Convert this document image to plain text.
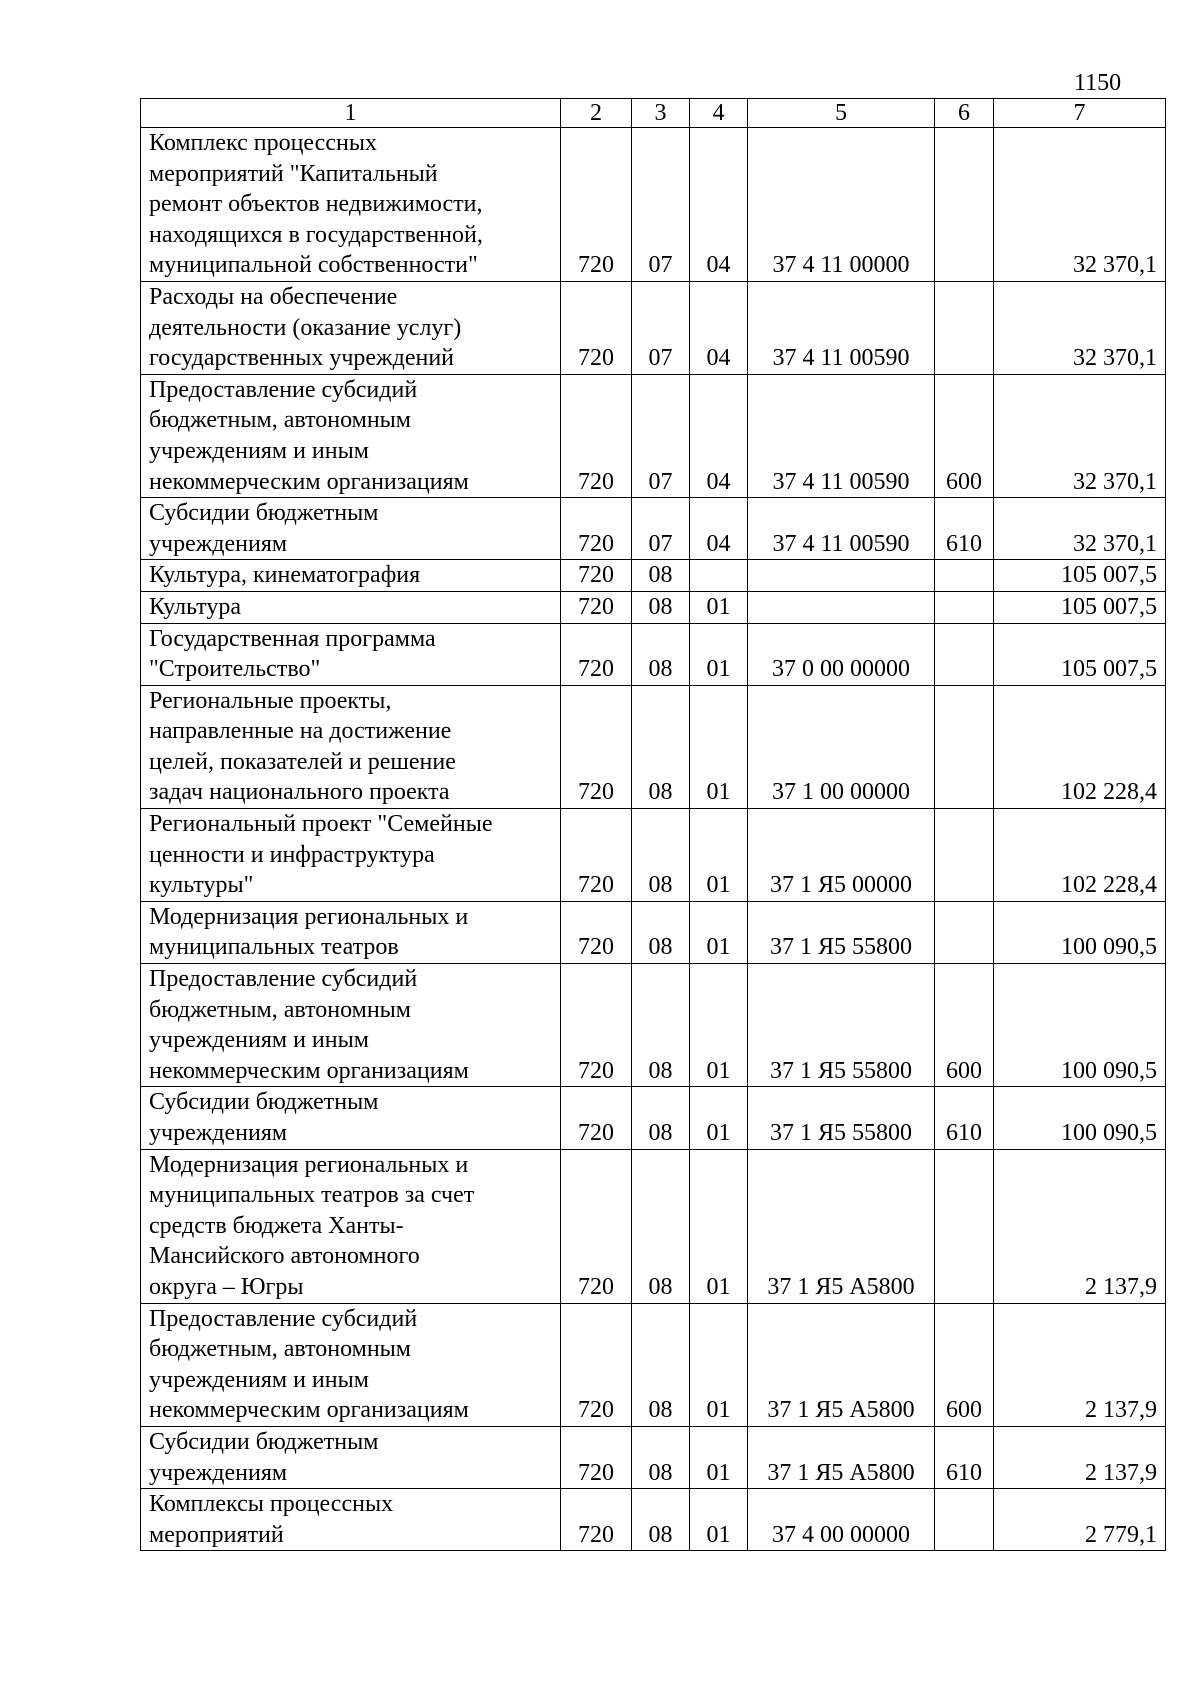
1150
1	2	3	4	5	6	7

Комплекс процессных
мероприятий "Капитальный
ремонт объектов недвижимости,
находящихся в государственной,
муниципальной собственности"	720	07	04	37 4 11 00000		32 370,1

Расходы на обеспечение
деятельности (оказание услуг)
государственных учреждений	720	07	04	37 4 11 00590		32 370,1

Предоставление субсидий
бюджетным, автономным
учреждениям и иным
некоммерческим организациям	720	07	04	37 4 11 00590	600	32 370,1

Субсидии бюджетным
учреждениям	720	07	04	37 4 11 00590	610	32 370,1

Культура, кинематография	720	08				105 007,5

Культура	720	08	01			105 007,5

Государственная программа
"Строительство"	720	08	01	37 0 00 00000		105 007,5

Региональные проекты,
направленные на достижение
целей, показателей и решение
задач национального проекта	720	08	01	37 1 00 00000		102 228,4

Региональный проект "Семейные
ценности и инфраструктура
культуры"	720	08	01	37 1 Я5 00000		102 228,4

Модернизация региональных и
муниципальных театров	720	08	01	37 1 Я5 55800		100 090,5

Предоставление субсидий
бюджетным, автономным
учреждениям и иным
некоммерческим организациям	720	08	01	37 1 Я5 55800	600	100 090,5

Субсидии бюджетным
учреждениям	720	08	01	37 1 Я5 55800	610	100 090,5

Модернизация региональных и
муниципальных театров за счет
средств бюджета Ханты-
Мансийского автономного
округа – Югры	720	08	01	37 1 Я5 А5800		2 137,9

Предоставление субсидий
бюджетным, автономным
учреждениям и иным
некоммерческим организациям	720	08	01	37 1 Я5 А5800	600	2 137,9

Субсидии бюджетным
учреждениям	720	08	01	37 1 Я5 А5800	610	2 137,9

Комплексы процессных
мероприятий	720	08	01	37 4 00 00000		2 779,1
